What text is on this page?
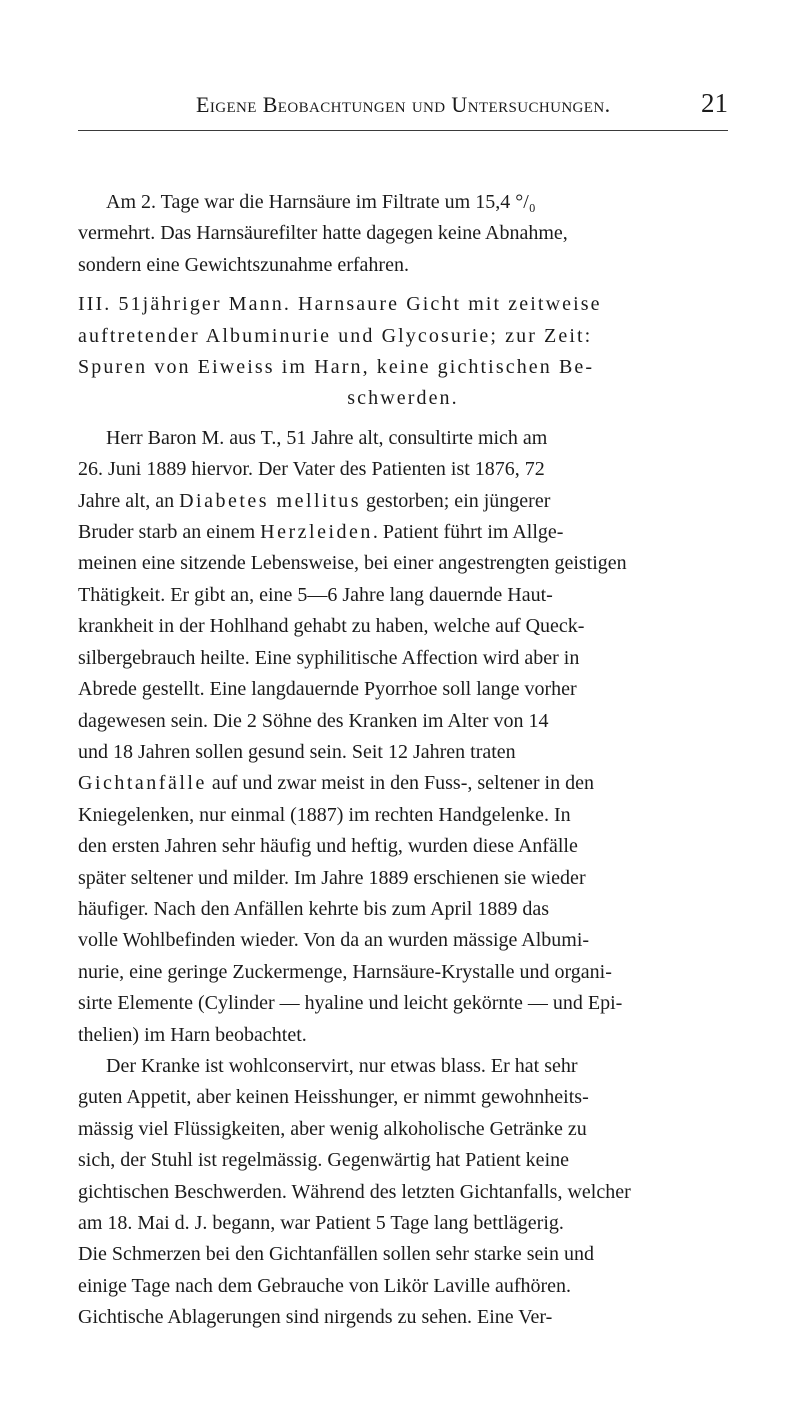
Eigene Beobachtungen und Untersuchungen.	21
Am 2. Tage war die Harnsäure im Filtrate um 15,4 °/₀
vermehrt. Das Harnsäurefilter hatte dagegen keine Abnahme,
sondern eine Gewichtszunahme erfahren.
III. 51jähriger Mann. Harnsaure Gicht mit zeitweise
auftretender Albuminurie und Glycosurie; zur Zeit:
Spuren von Eiweiss im Harn, keine gichtischen Be-
schwerden.
Herr Baron M. aus T., 51 Jahre alt, consultirte mich am
26. Juni 1889 hiervor. Der Vater des Patienten ist 1876, 72
Jahre alt, an Diabetes mellitus gestorben; ein jüngerer
Bruder starb an einem Herzleiden. Patient führt im Allge-
meinen eine sitzende Lebensweise, bei einer angestrengten geistigen
Thätigkeit. Er gibt an, eine 5—6 Jahre lang dauernde Haut-
krankheit in der Hohlhand gehabt zu haben, welche auf Queck-
silbergebrauch heilte. Eine syphilitische Affection wird aber in
Abrede gestellt. Eine langdauernde Pyorrhoe soll lange vorher
dagewesen sein. Die 2 Söhne des Kranken im Alter von 14
und 18 Jahren sollen gesund sein. Seit 12 Jahren traten
Gichtanfälle auf und zwar meist in den Fuss-, seltener in den
Kniegelenken, nur einmal (1887) im rechten Handgelenke. In
den ersten Jahren sehr häufig und heftig, wurden diese Anfälle
später seltener und milder. Im Jahre 1889 erschienen sie wieder
häufiger. Nach den Anfällen kehrte bis zum April 1889 das
volle Wohlbefinden wieder. Von da an wurden mässige Albumi-
nurie, eine geringe Zuckermenge, Harnsäure-Krystalle und organi-
sirte Elemente (Cylinder — hyaline und leicht gekörnte — und Epi-
thelien) im Harn beobachtet.
Der Kranke ist wohlconservirt, nur etwas blass. Er hat sehr
guten Appetit, aber keinen Heisshunger, er nimmt gewohnheits-
mässig viel Flüssigkeiten, aber wenig alkoholische Getränke zu
sich, der Stuhl ist regelmässig. Gegenwärtig hat Patient keine
gichtischen Beschwerden. Während des letzten Gichtanfalls, welcher
am 18. Mai d. J. begann, war Patient 5 Tage lang bettlägerig.
Die Schmerzen bei den Gichtanfällen sollen sehr starke sein und
einige Tage nach dem Gebrauche von Likör Laville aufhören.
Gichtische Ablagerungen sind nirgends zu sehen. Eine Ver-
